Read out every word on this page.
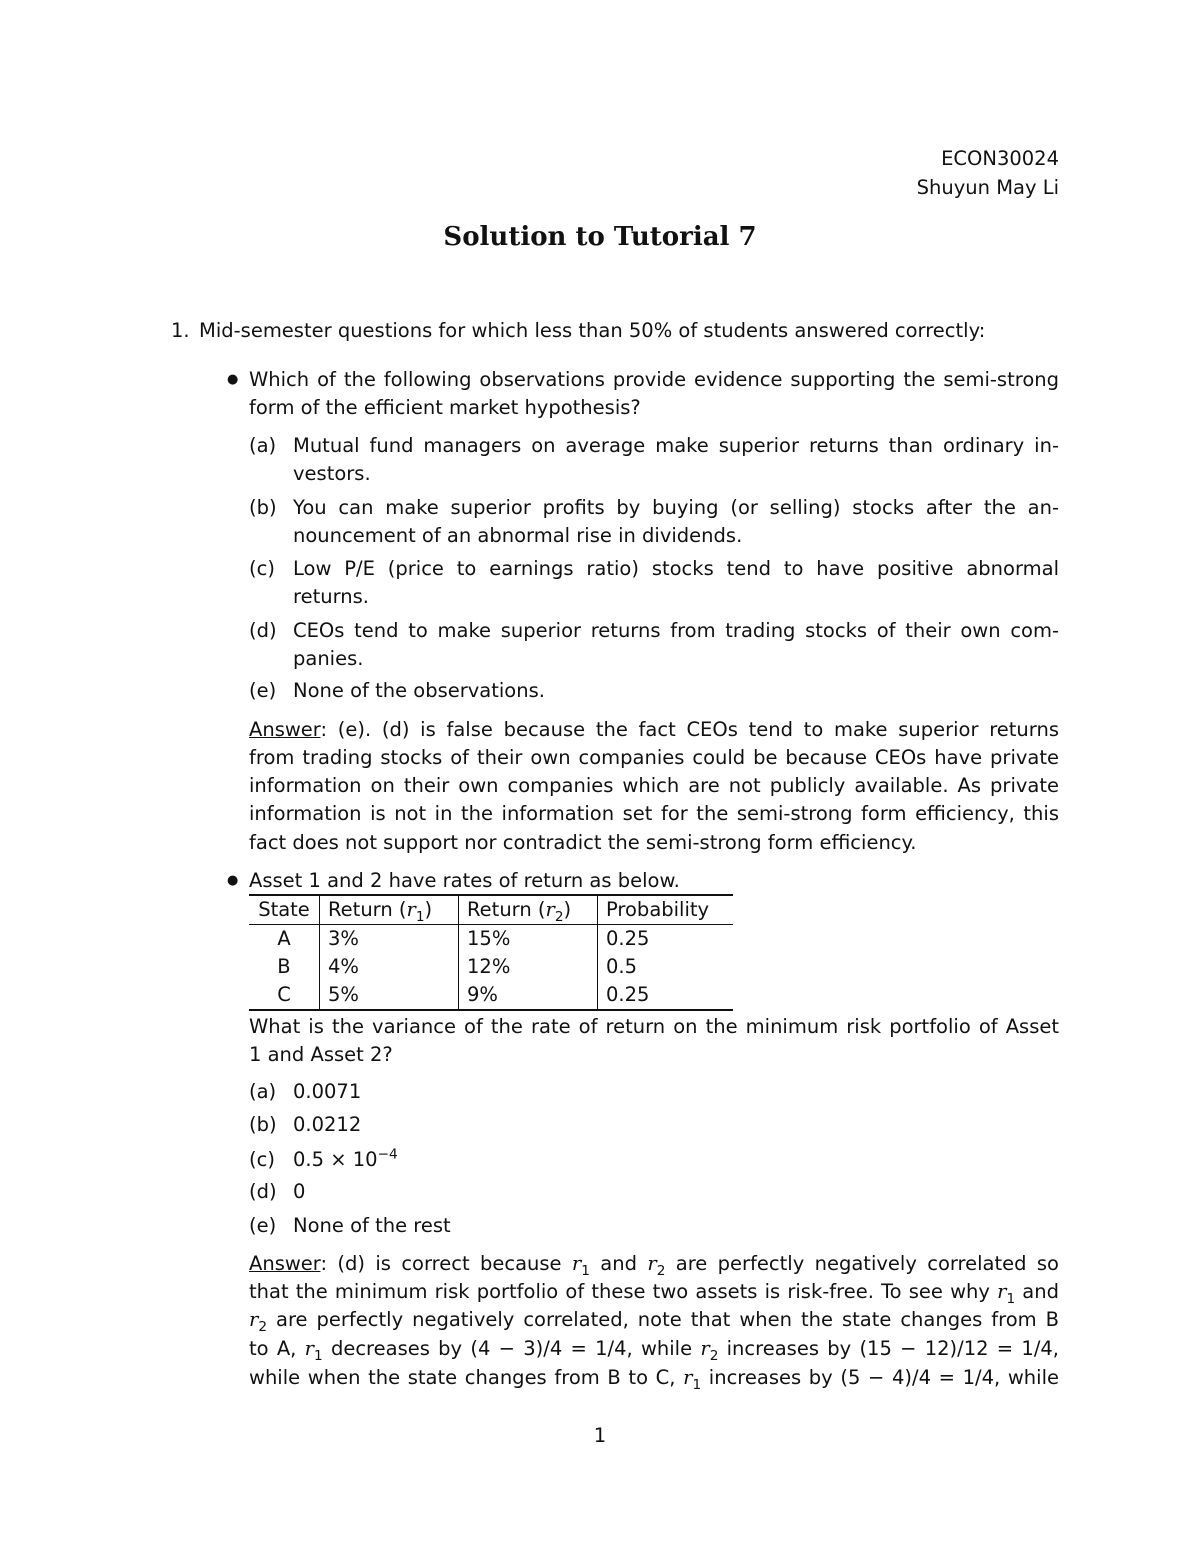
ECON30024
Shuyun May Li
Solution to Tutorial 7
1. Mid-semester questions for which less than 50% of students answered correctly:
● Which of the following observations provide evidence supporting the semi-strong
form of the efficient market hypothesis?
(a) Mutual fund managers on average make superior returns than ordinary in-
vestors.
(b) You can make superior profits by buying (or selling) stocks after the an-
nouncement of an abnormal rise in dividends.
(c) Low P/E (price to earnings ratio) stocks tend to have positive abnormal
returns.
(d) CEOs tend to make superior returns from trading stocks of their own com-
panies.
(e) None of the observations.
Answer: (e). (d) is false because the fact CEOs tend to make superior returns
from trading stocks of their own companies could be because CEOs have private
information on their own companies which are not publicly available. As private
information is not in the information set for the semi-strong form efficiency, this
fact does not support nor contradict the semi-strong form efficiency.
● Asset 1 and 2 have rates of return as below.
State	Return $(r_1)$	Return $(r_2)$	Probability
A	3%	15%	0.25
B	4%	12%	0.5
C	5%	9%	0.25
What is the variance of the rate of return on the minimum risk portfolio of Asset
1 and Asset 2?
(a) 0.0071
(b) 0.0212
(c) $0.5 \times 10^{-4}$
(d) 0
(e) None of the rest
Answer: (d) is correct because $r_1$ and $r_2$ are perfectly negatively correlated so
that the minimum risk portfolio of these two assets is risk-free. To see why $r_1$ and
$r_2$ are perfectly negatively correlated, note that when the state changes from B
to A, $r_1$ decreases by (4 − 3)/4 = 1/4, while $r_2$ increases by (15 − 12)/12 = 1/4,
while when the state changes from B to C, $r_1$ increases by (5 − 4)/4 = 1/4, while
1
